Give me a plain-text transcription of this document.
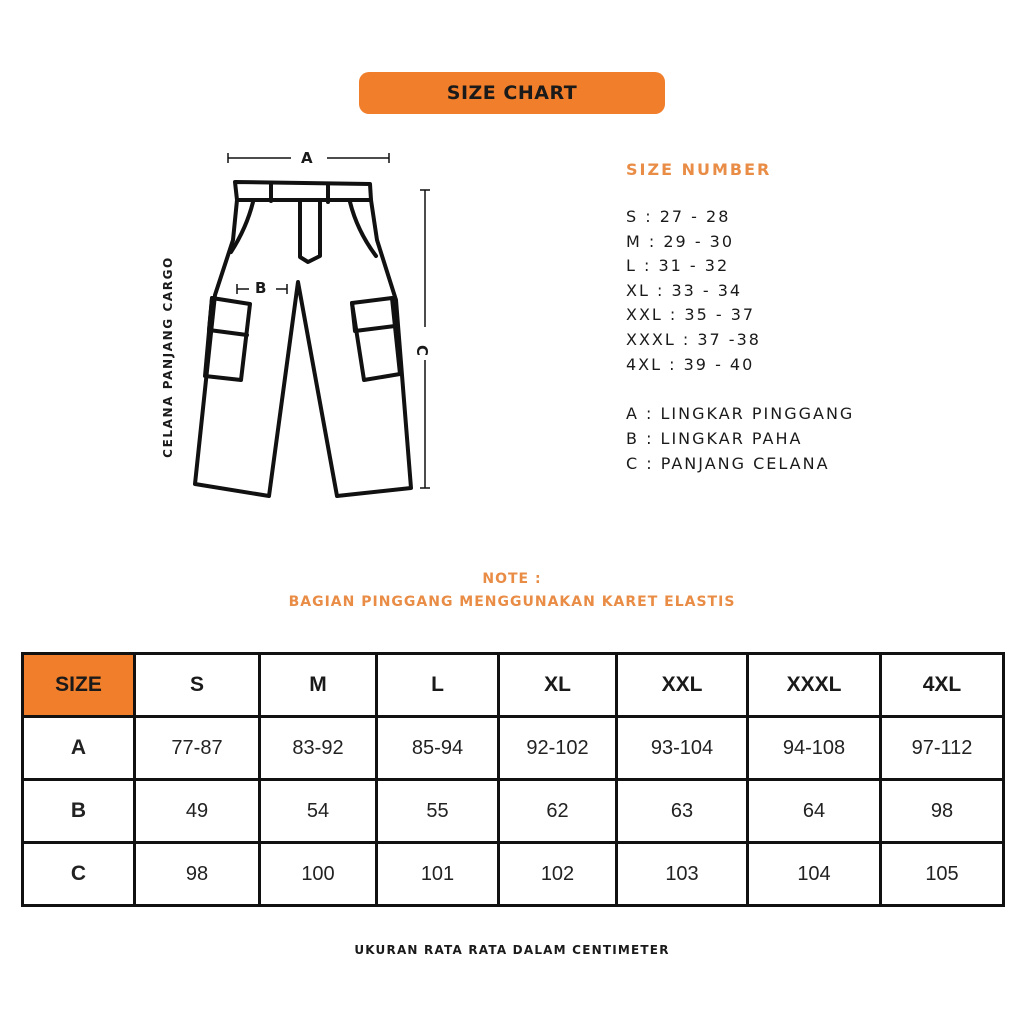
SIZE CHART
A
B
C
CELANA PANJANG CARGO
SIZE NUMBER
S : 27 - 28
M : 29 - 30
L : 31 - 32
XL : 33 - 34
XXL : 35 - 37
XXXL : 37 -38
4XL : 39 - 40
A : LINGKAR PINGGANG
B : LINGKAR PAHA
C : PANJANG CELANA
NOTE :
BAGIAN PINGGANG MENGGUNAKAN KARET ELASTIS
SIZE	S	M	L	XL	XXL	XXXL	4XL
A	77-87	83-92	85-94	92-102	93-104	94-108	97-112
B	49	54	55	62	63	64	98
C	98	100	101	102	103	104	105
UKURAN RATA RATA DALAM CENTIMETER
